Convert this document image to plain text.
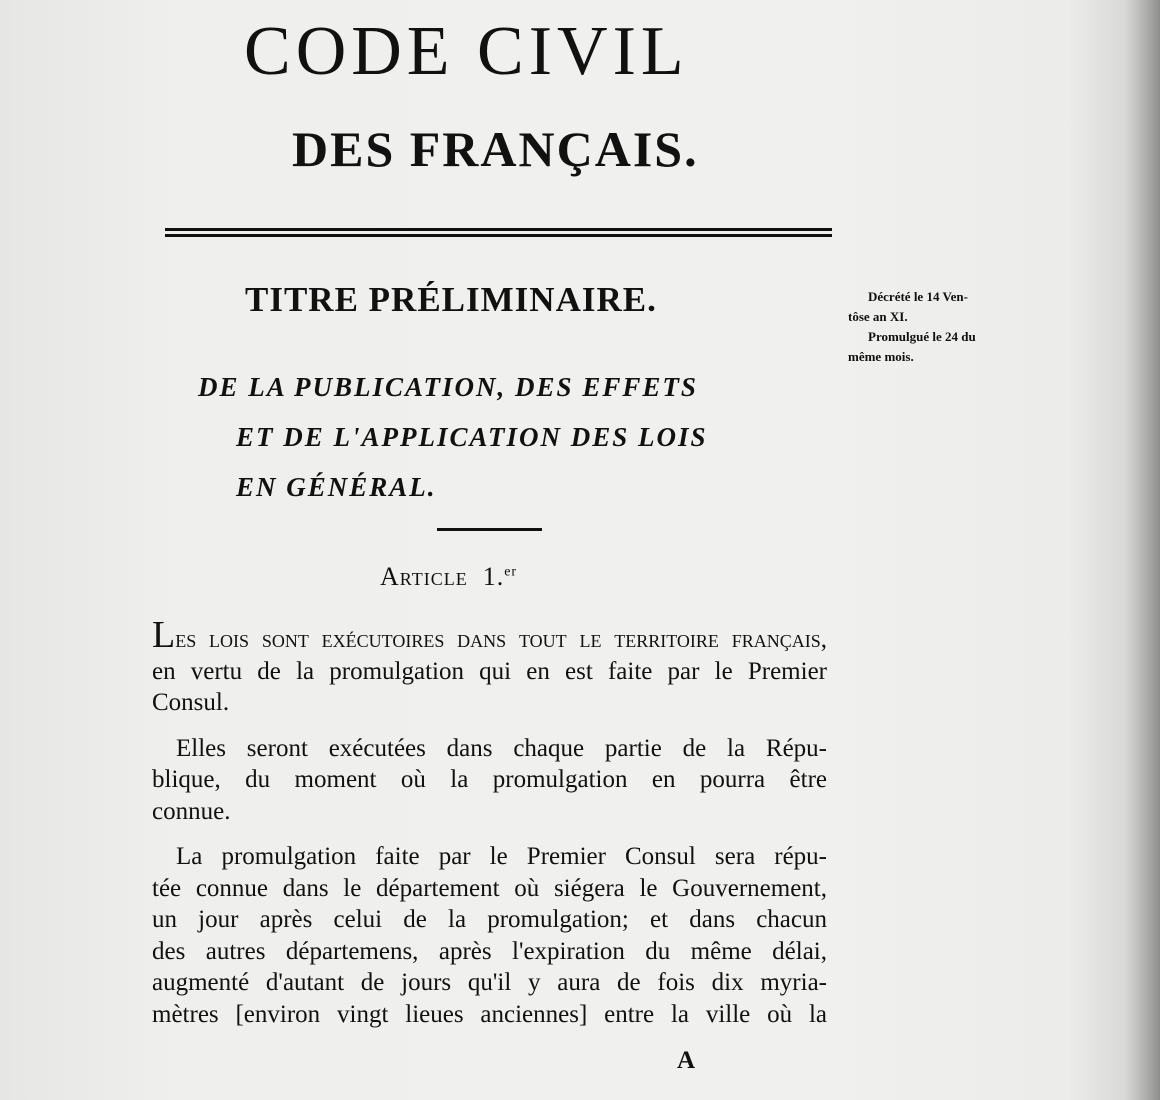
CODE CIVIL
DES FRANÇAIS.
TITRE PRÉLIMINAIRE.	Décrété le 14 Ven-
tôse an XI.
Promulgué le 24 du
même mois.
DE LA PUBLICATION, DES EFFETS
ET DE L'APPLICATION DES LOIS
EN GÉNÉRAL.
Article 1.$^{er}$

Les lois sont exécutoires dans tout le territoire français,
en vertu de la promulgation qui en est faite par le Premier
Consul.

Elles seront exécutées dans chaque partie de la Répu-
blique, du moment où la promulgation en pourra être
connue.

La promulgation faite par le Premier Consul sera répu-
tée connue dans le département où siégera le Gouvernement,
un jour après celui de la promulgation; et dans chacun
des autres départemens, après l'expiration du même délai,
augmenté d'autant de jours qu'il y aura de fois dix myria-
mètres [environ vingt lieues anciennes] entre la ville où la

A
